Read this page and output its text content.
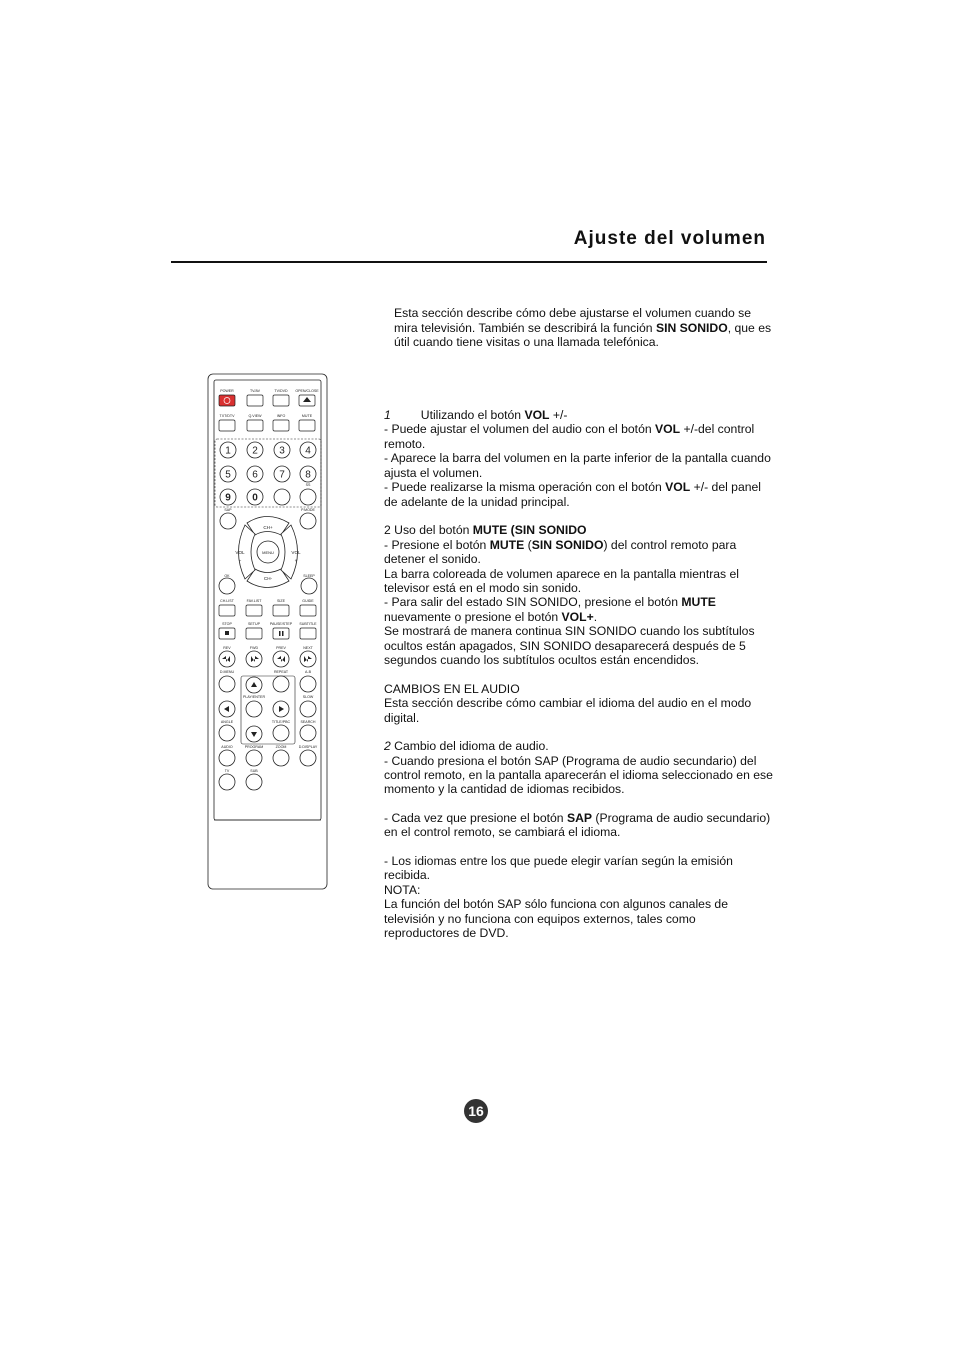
Ajuste del volumen

Esta sección describe cómo debe ajustarse el volumen cuando se mira televisión. También se describirá la función SIN SONIDO, que es útil cuando tiene visitas o una llamada telefónica.

POWER	TV/AV	TV/DVD OPEN/CLOSE
TXT/DTV	Q.VIEW	INFO	MUTE
1 2 3 4
5 6 7 8
9 0
SS
SAP	P.MODE
CH+
CH-
VOL	VOL
−	+
MENU
OK	SLEEP
CH.LIST	FAV.LIST	SIZE	GUIDE
STOP	SETUP	PAUSE/STEP SUBTITLE
REV	FWD	PREV	NEXT
D.MENU	REPEAT	A-B
PLAY/ENTER	SLOW
ANGLE	TITLE/PBC	SEARCH
AUDIO	PROGRAM	ZOOM	D.DISPLAY
TV	SUB

1 Utilizando el botón VOL +/-

- Puede ajustar el volumen del audio con el botón VOL +/-del control remoto.

- Aparece la barra del volumen en la parte inferior de la pantalla cuando ajusta el volumen.

- Puede realizarse la misma operación con el botón VOL +/- del panel de adelante de la unidad principal.

2 Uso del botón MUTE (SIN SONIDO

- Presione el botón MUTE (SIN SONIDO) del control remoto para detener el sonido.

La barra coloreada de volumen aparece en la pantalla mientras el televisor está en el modo sin sonido.

- Para salir del estado SIN SONIDO, presione el botón MUTE nuevamente o presione el botón VOL+.

Se mostrará de manera continua SIN SONIDO cuando los subtítulos ocultos están apagados, SIN SONIDO desaparecerá después de 5 segundos cuando los subtítulos ocultos están encendidos.

CAMBIOS EN EL AUDIO

Esta sección describe cómo cambiar el idioma del audio en el modo digital.

2 Cambio del idioma de audio.

- Cuando presiona el botón SAP (Programa de audio secundario) del control remoto, en la pantalla aparecerán el idioma seleccionado en ese momento y la cantidad de idiomas recibidos.

- Cada vez que presione el botón SAP (Programa de audio secundario) en el control remoto, se cambiará el idioma.

- Los idiomas entre los que puede elegir varían según la emisión recibida.

NOTA:

La función del botón SAP sólo funciona con algunos canales de televisión y no funciona con equipos externos, tales como reproductores de DVD.

16
